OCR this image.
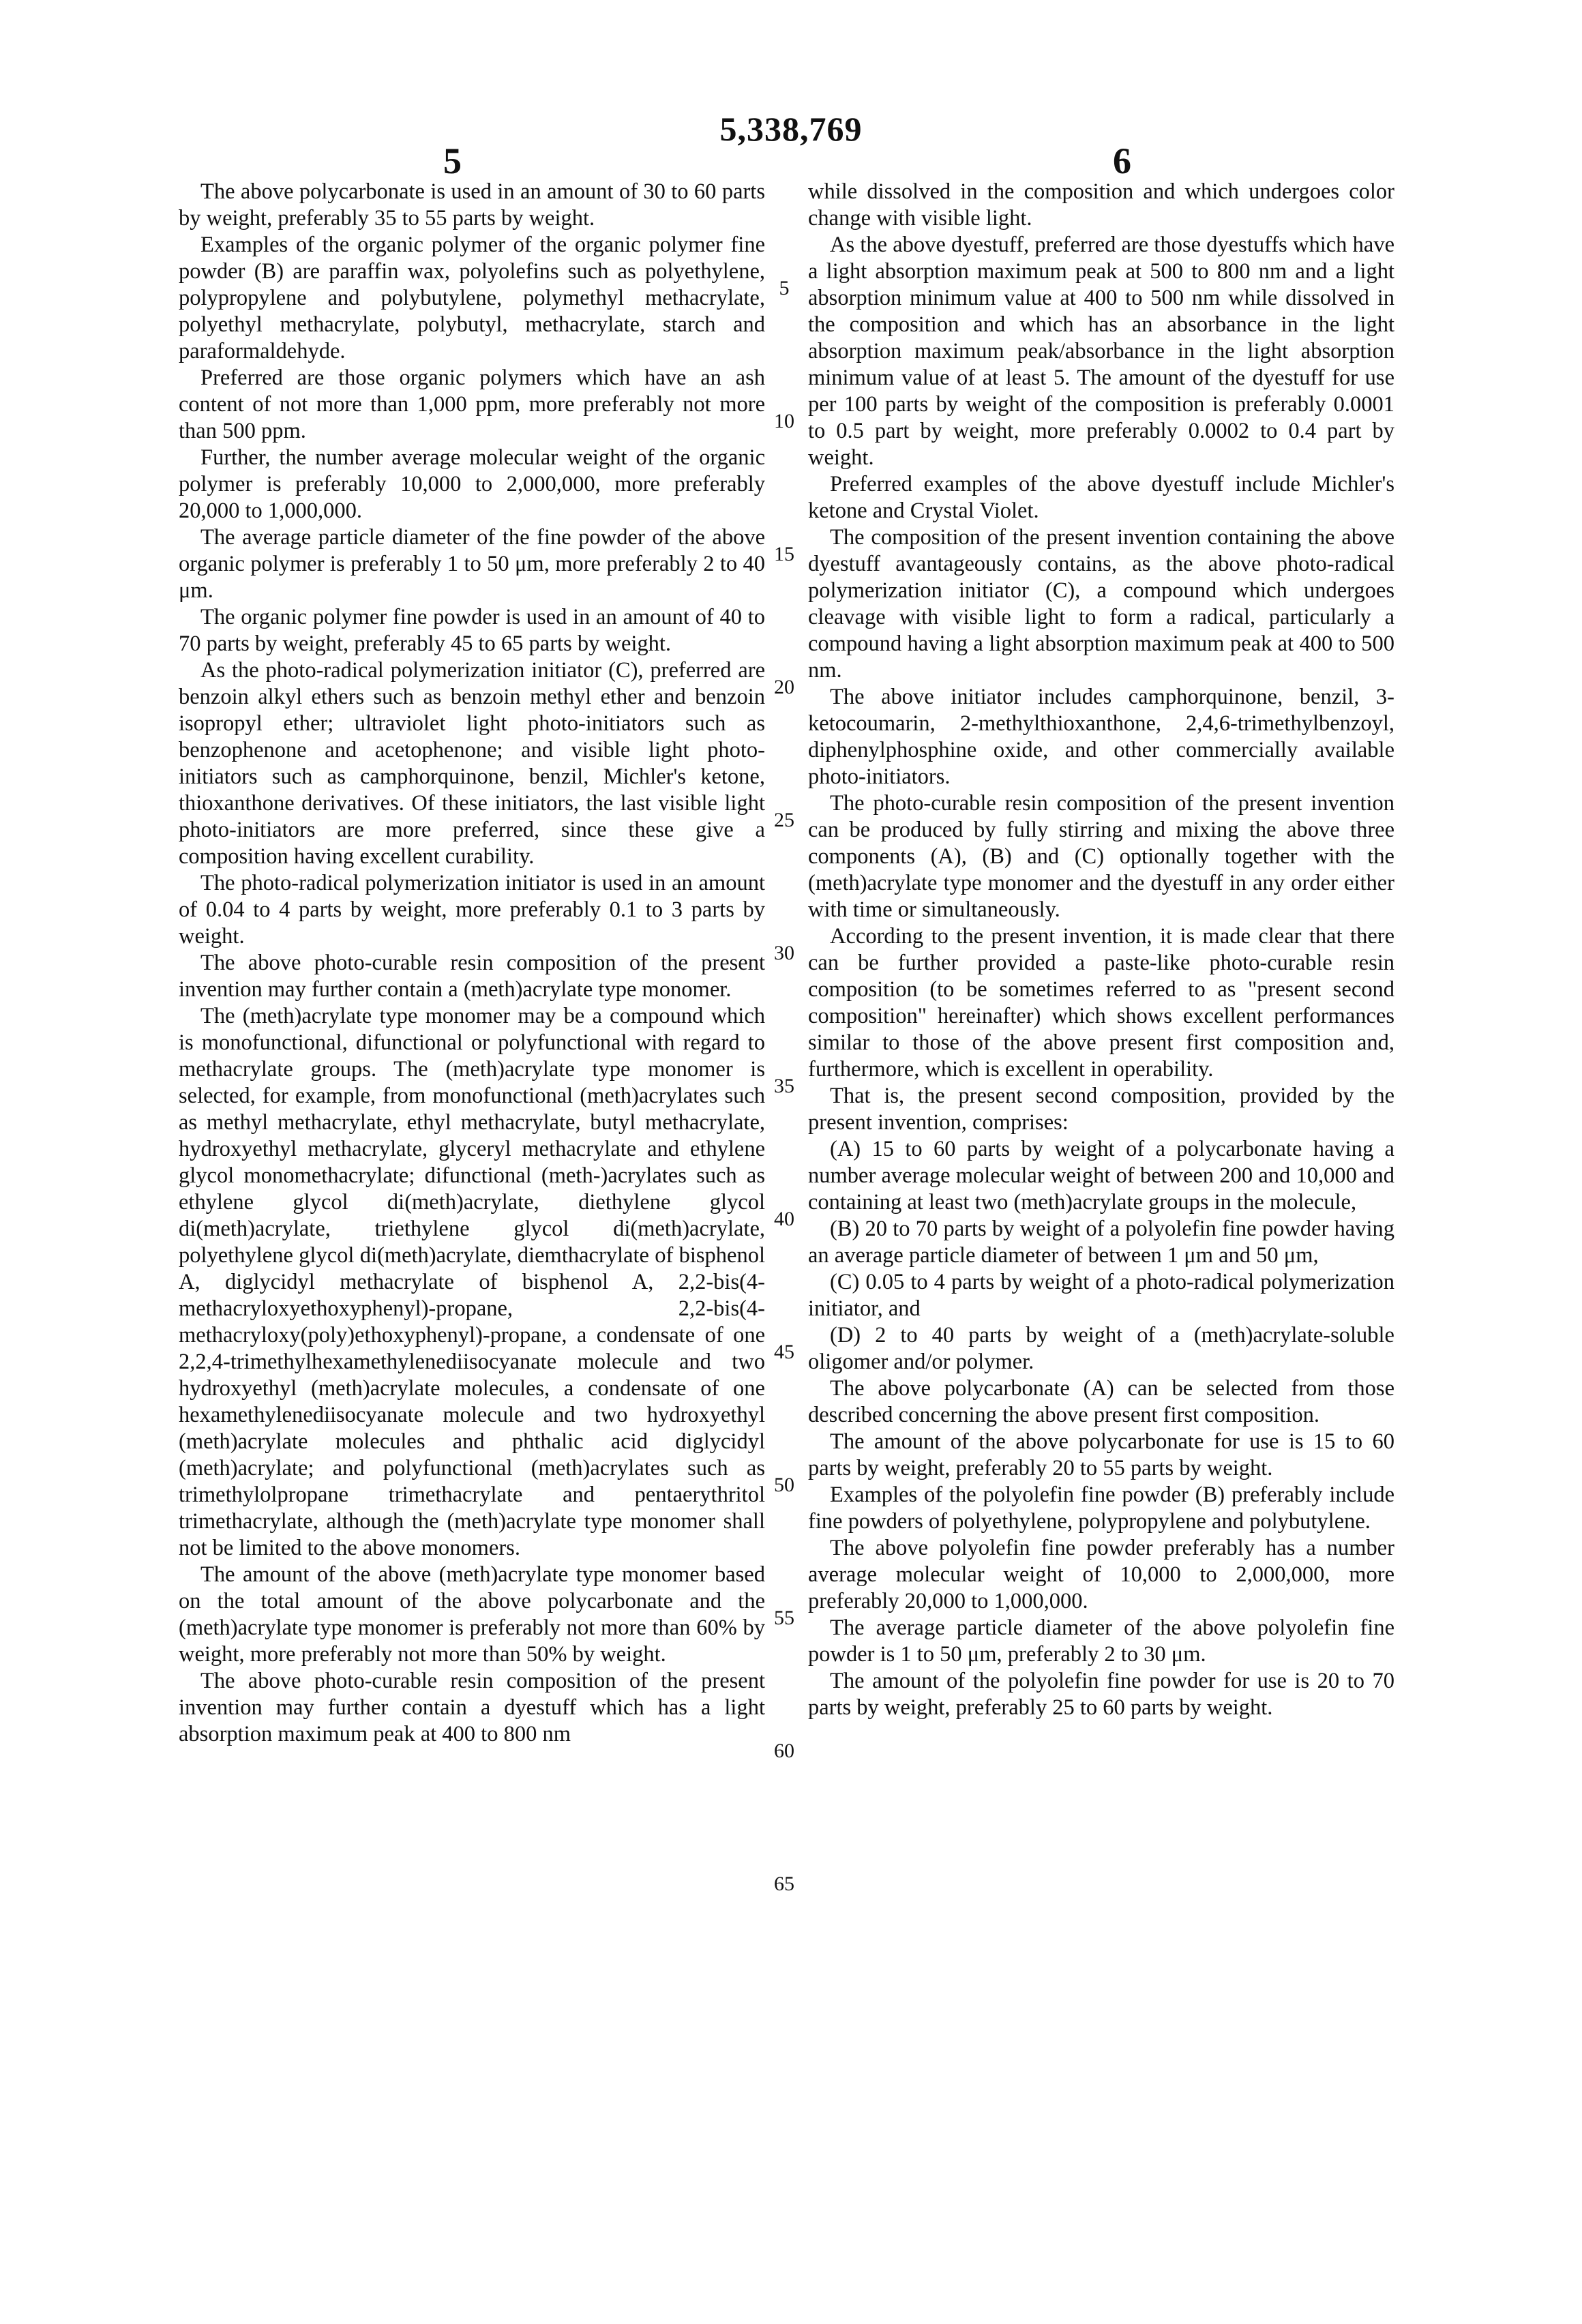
5,338,769
5	6

The above polycarbonate is used in an amount of 30 to 60 parts by weight, preferably 35 to 55 parts by weight.

Examples of the organic polymer of the organic polymer fine powder (B) are paraffin wax, polyolefins such as polyethylene, polypropylene and polybutylene, polymethyl methacrylate, polyethyl methacrylate, polybutyl, methacrylate, starch and paraformaldehyde.

Preferred are those organic polymers which have an ash content of not more than 1,000 ppm, more preferably not more than 500 ppm.

Further, the number average molecular weight of the organic polymer is preferably 10,000 to 2,000,000, more preferably 20,000 to 1,000,000.

The average particle diameter of the fine powder of the above organic polymer is preferably 1 to 50 μm, more preferably 2 to 40 μm.

The organic polymer fine powder is used in an amount of 40 to 70 parts by weight, preferably 45 to 65 parts by weight.

As the photo-radical polymerization initiator (C), preferred are benzoin alkyl ethers such as benzoin methyl ether and benzoin isopropyl ether; ultraviolet light photo-initiators such as benzophenone and acetophenone; and visible light photo-initiators such as camphorquinone, benzil, Michler's ketone, thioxanthone derivatives. Of these initiators, the last visible light photo-initiators are more preferred, since these give a composition having excellent curability.

The photo-radical polymerization initiator is used in an amount of 0.04 to 4 parts by weight, more preferably 0.1 to 3 parts by weight.

The above photo-curable resin composition of the present invention may further contain a (meth)acrylate type monomer.

The (meth)acrylate type monomer may be a compound which is monofunctional, difunctional or polyfunctional with regard to methacrylate groups. The (meth)acrylate type monomer is selected, for example, from monofunctional (meth)acrylates such as methyl methacrylate, ethyl methacrylate, butyl methacrylate, hydroxyethyl methacrylate, glyceryl methacrylate and ethylene glycol monomethacrylate; difunctional (meth-)acrylates such as ethylene glycol di(meth)acrylate, diethylene glycol di(meth)acrylate, triethylene glycol di(meth)acrylate, polyethylene glycol di(meth)acrylate, diemthacrylate of bisphenol A, diglycidyl methacrylate of bisphenol A, 2,2-bis(4-methacryloxyethoxyphenyl)-propane, 2,2-bis(4-methacryloxy(poly)ethoxyphenyl)-propane, a condensate of one 2,2,4-trimethylhexamethylenediisocyanate molecule and two hydroxyethyl (meth)acrylate molecules, a condensate of one hexamethylenediisocyanate molecule and two hydroxyethyl (meth)acrylate molecules and phthalic acid diglycidyl (meth)acrylate; and polyfunctional (meth)acrylates such as trimethylolpropane trimethacrylate and pentaerythritol trimethacrylate, although the (meth)acrylate type monomer shall not be limited to the above monomers.

The amount of the above (meth)acrylate type monomer based on the total amount of the above polycarbonate and the (meth)acrylate type monomer is preferably not more than 60% by weight, more preferably not more than 50% by weight.

The above photo-curable resin composition of the present invention may further contain a dyestuff which has a light absorption maximum peak at 400 to 800 nm

while dissolved in the composition and which undergoes color change with visible light.

As the above dyestuff, preferred are those dyestuffs which have a light absorption maximum peak at 500 to 800 nm and a light absorption minimum value at 400 to 500 nm while dissolved in the composition and which has an absorbance in the light absorption maximum peak/absorbance in the light absorption minimum value of at least 5. The amount of the dyestuff for use per 100 parts by weight of the composition is preferably 0.0001 to 0.5 part by weight, more preferably 0.0002 to 0.4 part by weight.

Preferred examples of the above dyestuff include Michler's ketone and Crystal Violet.

The composition of the present invention containing the above dyestuff avantageously contains, as the above photo-radical polymerization initiator (C), a compound which undergoes cleavage with visible light to form a radical, particularly a compound having a light absorption maximum peak at 400 to 500 nm.

The above initiator includes camphorquinone, benzil, 3-ketocoumarin, 2-methylthioxanthone, 2,4,6-trimethylbenzoyl, diphenylphosphine oxide, and other commercially available photo-initiators.

The photo-curable resin composition of the present invention can be produced by fully stirring and mixing the above three components (A), (B) and (C) optionally together with the (meth)acrylate type monomer and the dyestuff in any order either with time or simultaneously.

According to the present invention, it is made clear that there can be further provided a paste-like photo-curable resin composition (to be sometimes referred to as "present second composition" hereinafter) which shows excellent performances similar to those of the above present first composition and, furthermore, which is excellent in operability.

That is, the present second composition, provided by the present invention, comprises:

(A) 15 to 60 parts by weight of a polycarbonate having a number average molecular weight of between 200 and 10,000 and containing at least two (meth)acrylate groups in the molecule,

(B) 20 to 70 parts by weight of a polyolefin fine powder having an average particle diameter of between 1 μm and 50 μm,

(C) 0.05 to 4 parts by weight of a photo-radical polymerization initiator, and

(D) 2 to 40 parts by weight of a (meth)acrylate-soluble oligomer and/or polymer.

The above polycarbonate (A) can be selected from those described concerning the above present first composition.

The amount of the above polycarbonate for use is 15 to 60 parts by weight, preferably 20 to 55 parts by weight.

Examples of the polyolefin fine powder (B) preferably include fine powders of polyethylene, polypropylene and polybutylene.

The above polyolefin fine powder preferably has a number average molecular weight of 10,000 to 2,000,000, more preferably 20,000 to 1,000,000.

The average particle diameter of the above polyolefin fine powder is 1 to 50 μm, preferably 2 to 30 μm.

The amount of the polyolefin fine powder for use is 20 to 70 parts by weight, preferably 25 to 60 parts by weight.

5
10
15
20
25
30
35
40
45
50
55
60
65
